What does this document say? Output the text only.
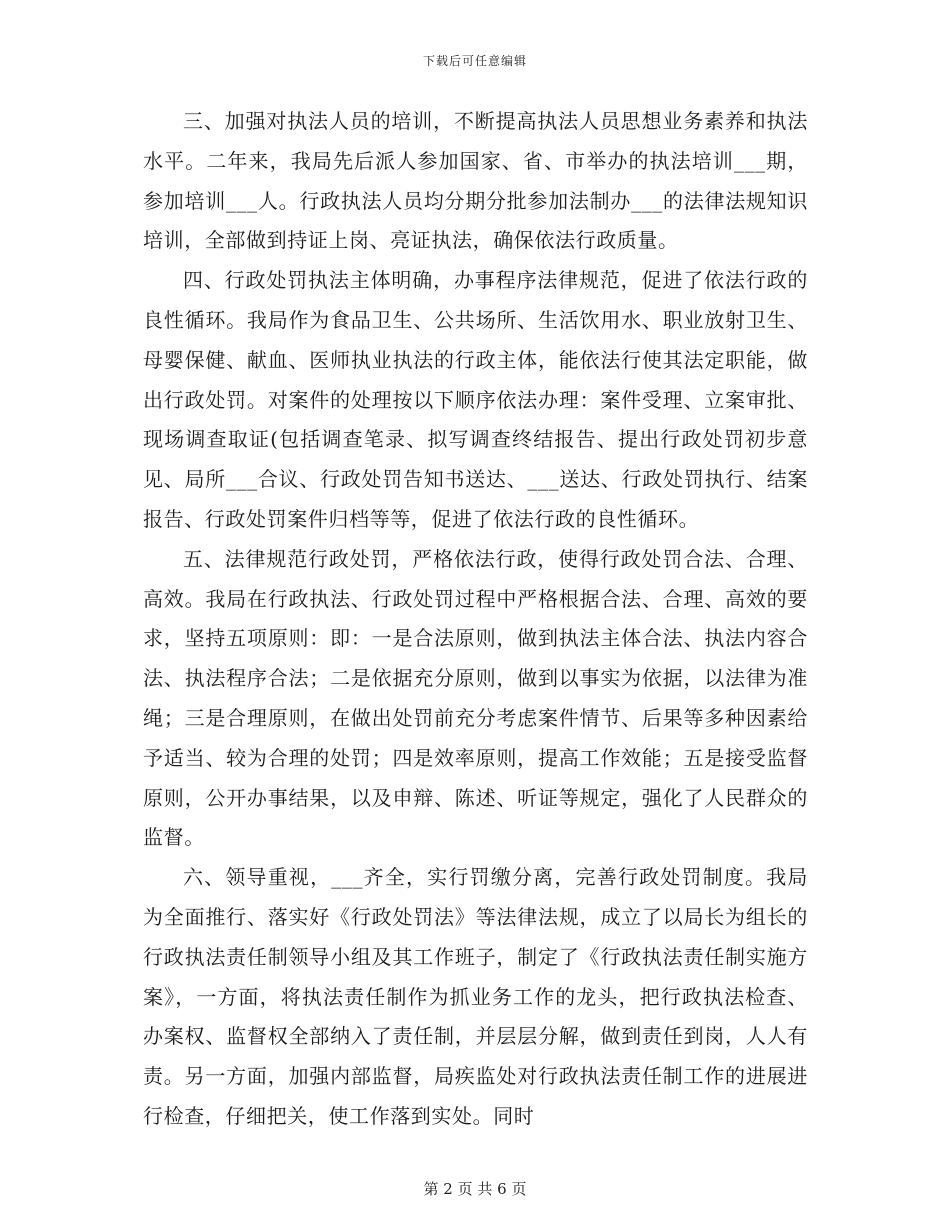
下载后可任意编辑

三、加强对执法人员的培训，不断提高执法人员思想业务素养和执法水平。二年来，我局先后派人参加国家、省、市举办的执法培训___期，参加培训___人。行政执法人员均分期分批参加法制办___的法律法规知识培训，全部做到持证上岗、亮证执法，确保依法行政质量。

四、行政处罚执法主体明确，办事程序法律规范，促进了依法行政的良性循环。我局作为食品卫生、公共场所、生活饮用水、职业放射卫生、母婴保健、献血、医师执业执法的行政主体，能依法行使其法定职能，做出行政处罚。对案件的处理按以下顺序依法办理：案件受理、立案审批、现场调查取证(包括调查笔录、拟写调查终结报告、提出行政处罚初步意见、局所___合议、行政处罚告知书送达、___送达、行政处罚执行、结案报告、行政处罚案件归档等等，促进了依法行政的良性循环。

五、法律规范行政处罚，严格依法行政，使得行政处罚合法、合理、高效。我局在行政执法、行政处罚过程中严格根据合法、合理、高效的要求，坚持五项原则：即：一是合法原则，做到执法主体合法、执法内容合法、执法程序合法；二是依据充分原则，做到以事实为依据，以法律为准绳；三是合理原则，在做出处罚前充分考虑案件情节、后果等多种因素给予适当、较为合理的处罚；四是效率原则，提高工作效能；五是接受监督原则，公开办事结果，以及申辩、陈述、听证等规定，强化了人民群众的监督。

六、领导重视，___齐全，实行罚缴分离，完善行政处罚制度。我局为全面推行、落实好《行政处罚法》等法律法规，成立了以局长为组长的行政执法责任制领导小组及其工作班子，制定了《行政执法责任制实施方案》，一方面，将执法责任制作为抓业务工作的龙头，把行政执法检查、办案权、监督权全部纳入了责任制，并层层分解，做到责任到岗，人人有责。另一方面，加强内部监督，局疾监处对行政执法责任制工作的进展进行检查，仔细把关，使工作落到实处。同时

第 2 页 共 6 页
